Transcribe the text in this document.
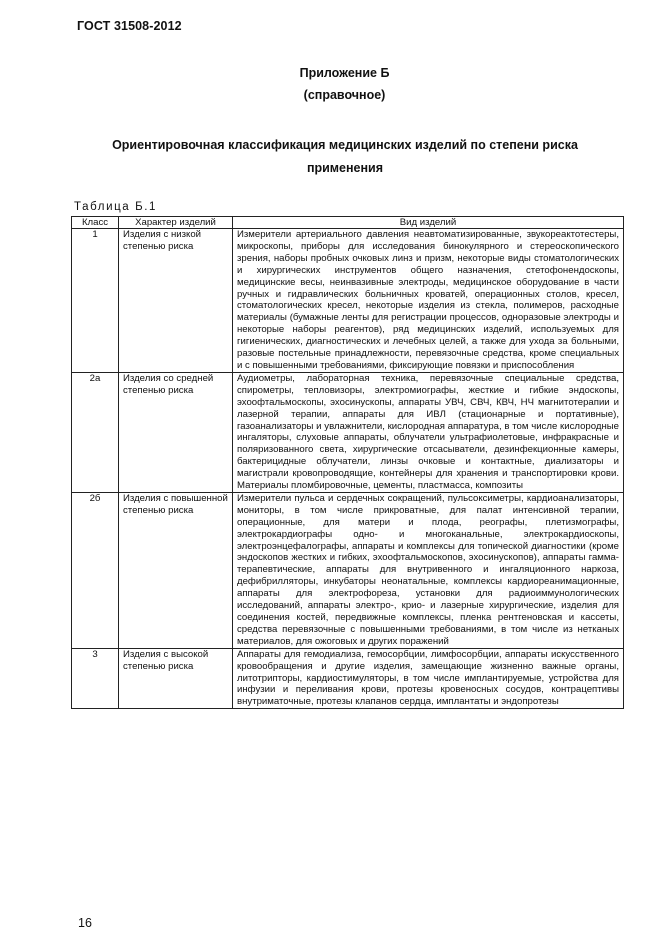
ГОСТ 31508-2012
Приложение Б
(справочное)
Ориентировочная классификация медицинских изделий по степени риска применения
Таблица Б.1
Класс	Характер изделий	Вид изделий
1	Изделия с низкой степенью риска	Измерители артериального давления неавтоматизированные, звукореактотестеры, микроскопы, приборы для исследования бинокулярного и стереоскопического зрения, наборы пробных очковых линз и призм, некоторые виды стоматологических и хирургических инструментов общего назначения, стетофонендоскопы, медицинские весы, неинвазивные электроды, медицинское оборудование в части ручных и гидравлических больничных кроватей, операционных столов, кресел, стоматологических кресел, некоторые изделия из стекла, полимеров, расходные материалы (бумажные ленты для регистрации процессов, одноразовые электроды и некоторые наборы реагентов), ряд медицинских изделий, используемых для гигиенических, диагностических и лечебных целей, а также для ухода за больными, разовые постельные принадлежности, перевязочные средства, кроме специальных и с повышенными требованиями, фиксирующие повязки и приспособления
2а	Изделия со средней степенью риска	Аудиометры, лабораторная техника, перевязочные специальные средства, спирометры, тепловизоры, электромиографы, жесткие и гибкие эндоскопы, эхоофтальмоскопы, эхосинускопы, аппараты УВЧ, СВЧ, КВЧ, НЧ магнитотерапии и лазерной терапии, аппараты для ИВЛ (стационарные и портативные), газоанализаторы и увлажнители, кислородная аппаратура, в том числе кислородные ингаляторы, слуховые аппараты, облучатели ультрафиолетовые, инфракрасные и поляризованного света, хирургические отсасыватели, дезинфекционные камеры, бактерицидные облучатели, линзы очковые и контактные, диализаторы и магистрали кровопроводящие, контейнеры для хранения и транспортировки крови. Материалы пломбировочные, цементы, пластмасса, композиты
2б	Изделия с повышенной степенью риска	Измерители пульса и сердечных сокращений, пульсоксиметры, кардиоанализаторы, мониторы, в том числе прикроватные, для палат интенсивной терапии, операционные, для матери и плода, реографы, плетизмографы, электрокардиографы одно- и многоканальные, электрокардиоскопы, электроэнцефалографы, аппараты и комплексы для топической диагностики (кроме эндоскопов жестких и гибких, эхоофтальмоскопов, эхосинускопов), аппараты гамма-терапевтические, аппараты для внутривенного и ингаляционного наркоза, дефибрилляторы, инкубаторы неонатальные, комплексы кардиореанимационные, аппараты для электрофореза, установки для радиоиммунологических исследований, аппараты электро-, крио- и лазерные хирургические, изделия для соединения костей, передвижные комплексы, пленка рентгеновская и кассеты, средства перевязочные с повышенными требованиями, в том числе из нетканых материалов, для ожоговых и других поражений
3	Изделия с высокой степенью риска	Аппараты для гемодиализа, гемосорбции, лимфосорбции, аппараты искусственного кровообращения и другие изделия, замещающие жизненно важные органы, литотрипторы, кардиостимуляторы, в том числе имплантируемые, устройства для инфузии и переливания крови, протезы кровеносных сосудов, контрацептивы внутриматочные, протезы клапанов сердца, имплантаты и эндопротезы
16
